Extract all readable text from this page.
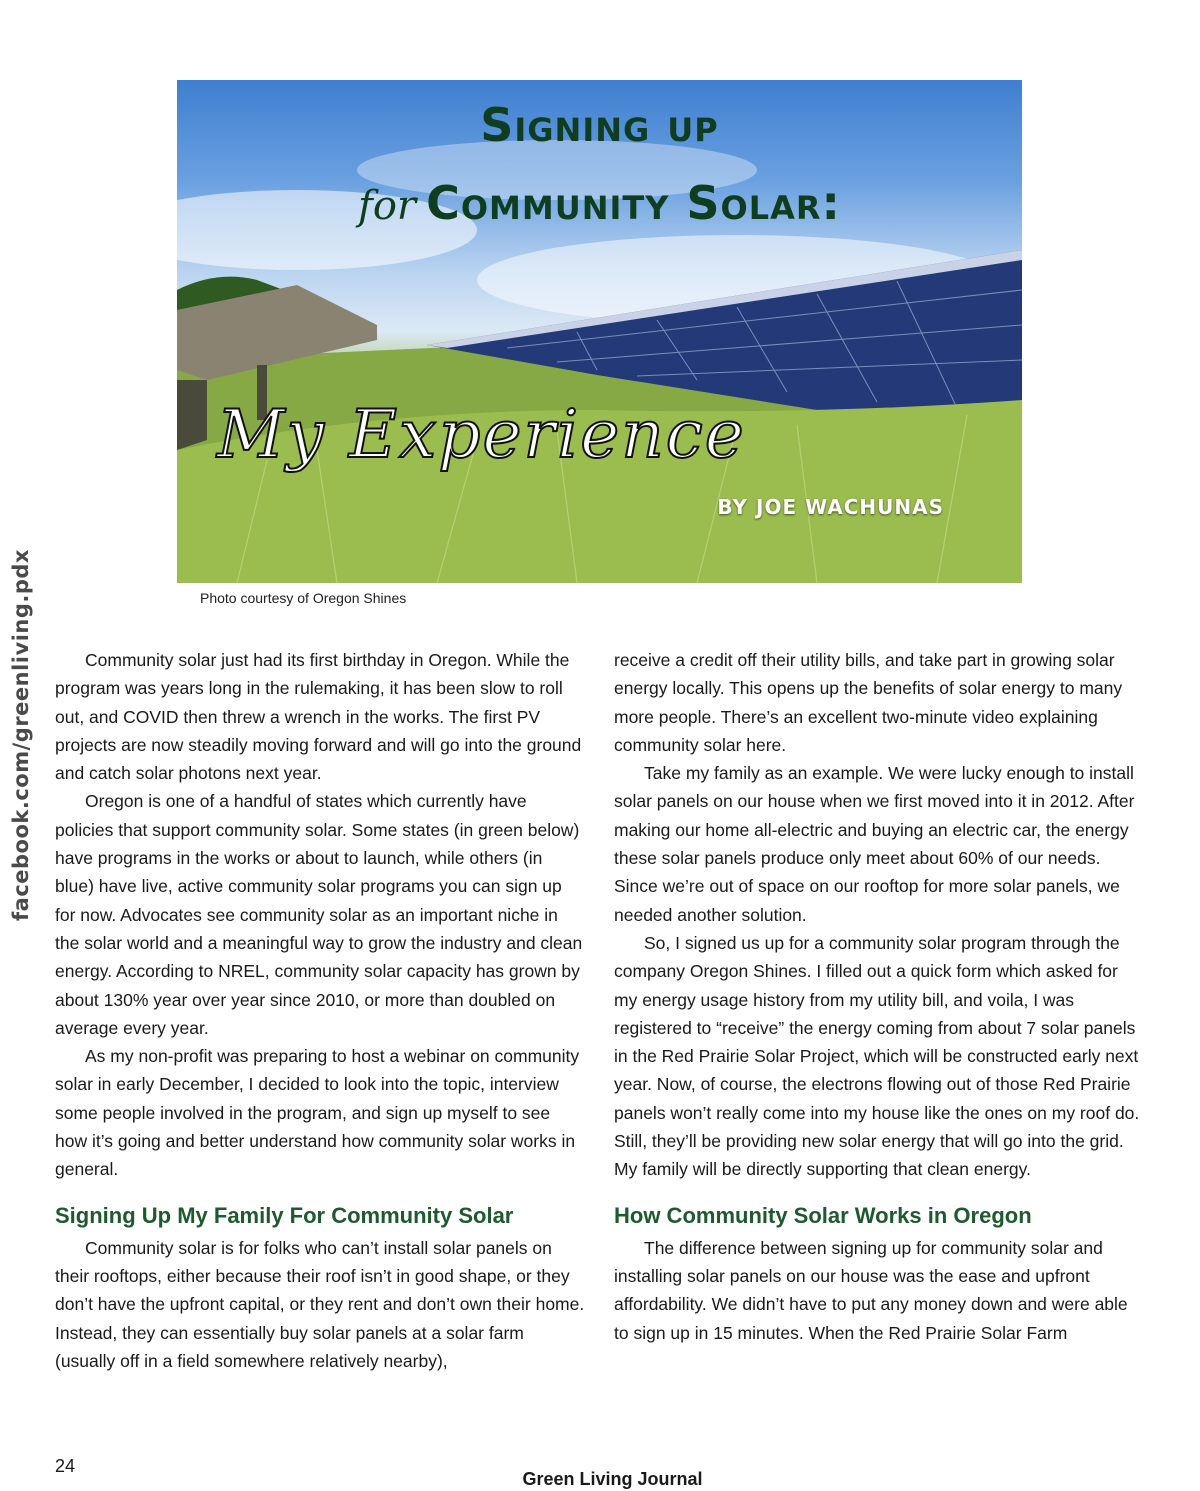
facebook.com/greenliving.pdx
Signing up
for Community Solar:
My Experience
BY JOE WACHUNAS
Photo courtesy of Oregon Shines

Community solar just had its first birthday in Oregon. While the program was years long in the rulemaking, it has been slow to roll out, and COVID then threw a wrench in the works. The first PV projects are now steadily moving forward and will go into the ground and catch solar photons next year.

Oregon is one of a handful of states which currently have policies that support community solar. Some states (in green below) have programs in the works or about to launch, while others (in blue) have live, active community solar programs you can sign up for now. Advocates see community solar as an important niche in the solar world and a meaningful way to grow the industry and clean energy. According to NREL, community solar capacity has grown by about 130% year over year since 2010, or more than doubled on average every year.

As my non-profit was preparing to host a webinar on community solar in early December, I decided to look into the topic, interview some people involved in the program, and sign up myself to see how it’s going and better understand how community solar works in general.

Signing Up My Family For Community Solar

Community solar is for folks who can’t install solar panels on their rooftops, either because their roof isn’t in good shape, or they don’t have the upfront capital, or they rent and don’t own their home. Instead, they can essentially buy solar panels at a solar farm (usually off in a field somewhere relatively nearby),

receive a credit off their utility bills, and take part in growing solar energy locally. This opens up the benefits of solar energy to many more people. There’s an excellent two-minute video explaining community solar here.

Take my family as an example. We were lucky enough to install solar panels on our house when we first moved into it in 2012. After making our home all-electric and buying an electric car, the energy these solar panels produce only meet about 60% of our needs. Since we’re out of space on our rooftop for more solar panels, we needed another solution.

So, I signed us up for a community solar program through the company Oregon Shines. I filled out a quick form which asked for my energy usage history from my utility bill, and voila, I was registered to “receive” the energy coming from about 7 solar panels in the Red Prairie Solar Project, which will be constructed early next year. Now, of course, the electrons flowing out of those Red Prairie panels won’t really come into my house like the ones on my roof do. Still, they’ll be providing new solar energy that will go into the grid. My family will be directly supporting that clean energy.

How Community Solar Works in Oregon

The difference between signing up for community solar and installing solar panels on our house was the ease and upfront affordability. We didn’t have to put any money down and were able to sign up in 15 minutes. When the Red Prairie Solar Farm

24
Green Living Journal
